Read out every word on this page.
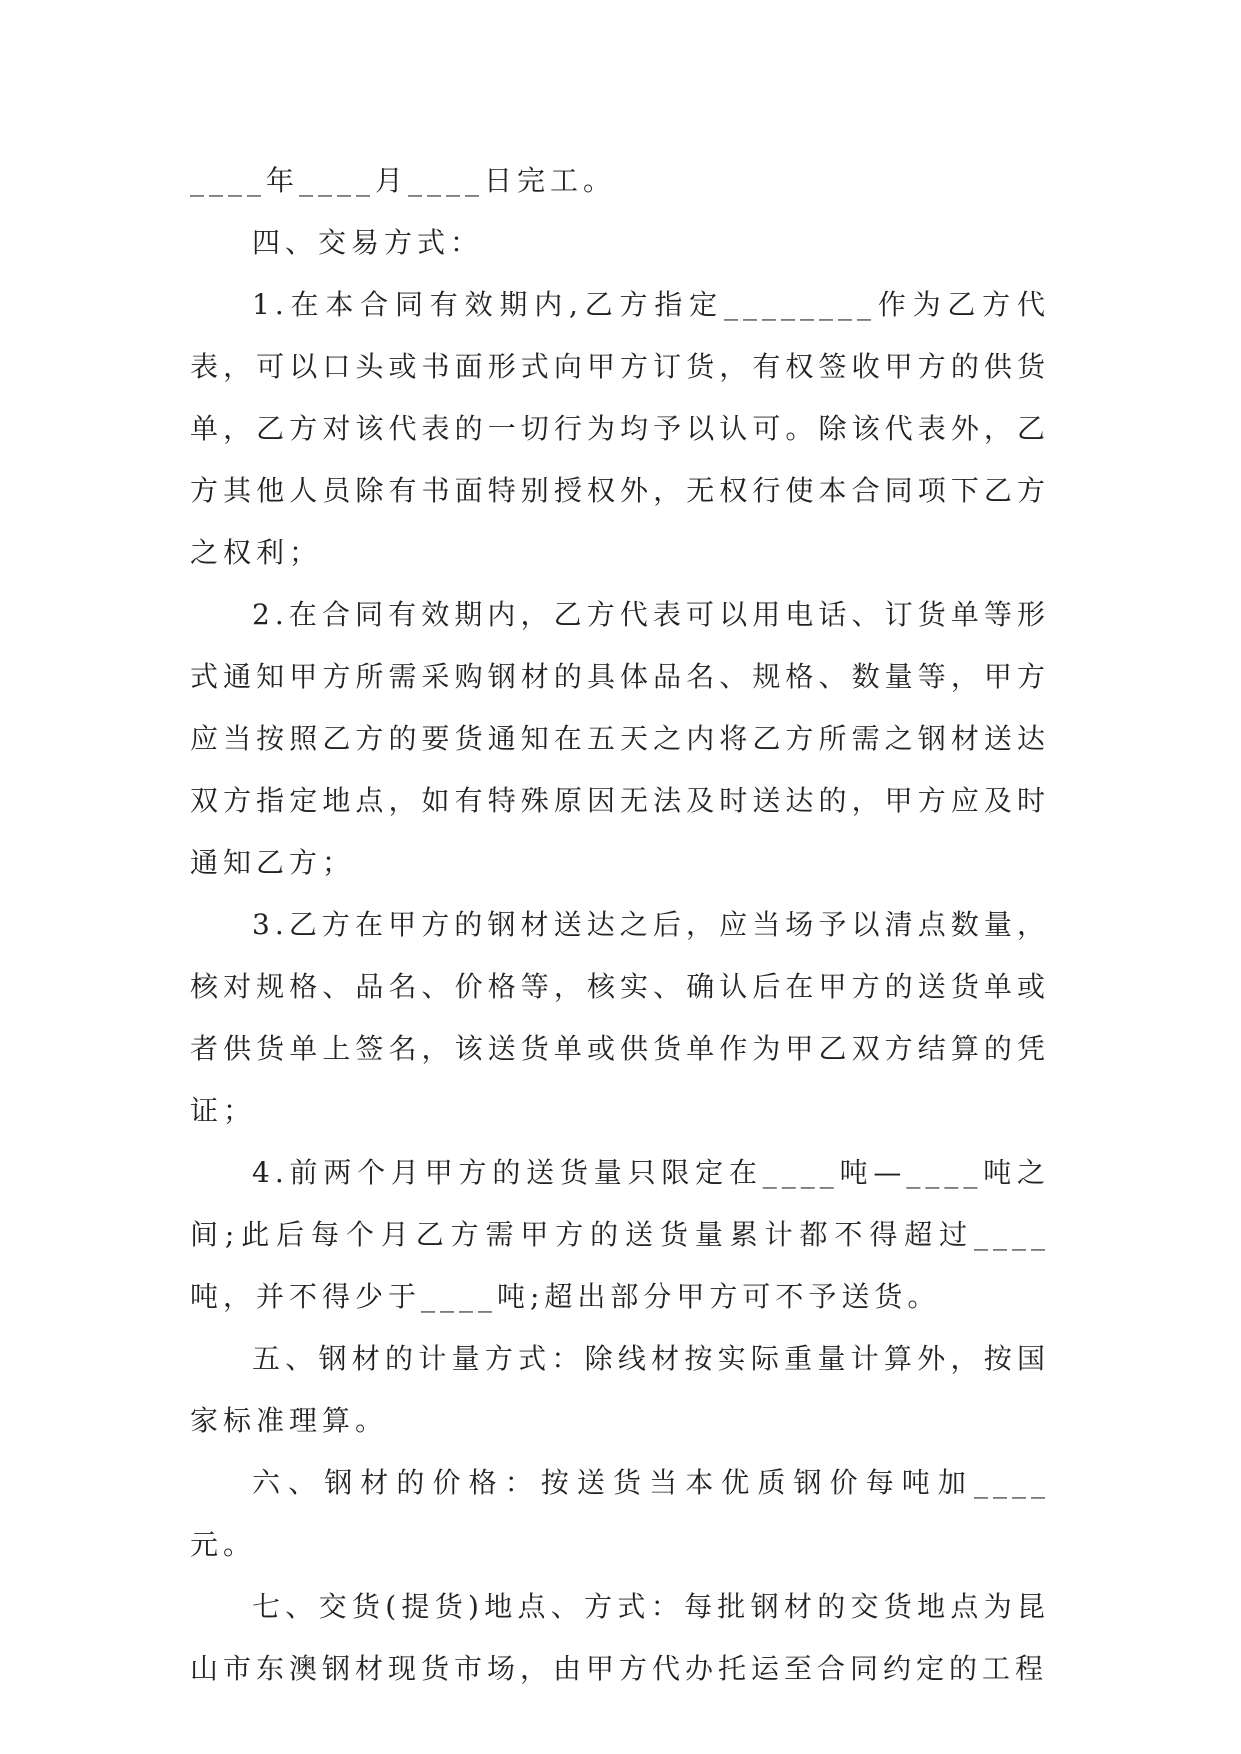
____年____月____日完工。

四、交易方式：

1.在本合同有效期内,乙方指定________作为乙方代表，可以口头或书面形式向甲方订货，有权签收甲方的供货单，乙方对该代表的一切行为均予以认可。除该代表外，乙方其他人员除有书面特别授权外，无权行使本合同项下乙方之权利；

2.在合同有效期内，乙方代表可以用电话、订货单等形式通知甲方所需采购钢材的具体品名、规格、数量等，甲方应当按照乙方的要货通知在五天之内将乙方所需之钢材送达双方指定地点，如有特殊原因无法及时送达的，甲方应及时通知乙方；

3.乙方在甲方的钢材送达之后，应当场予以清点数量，核对规格、品名、价格等，核实、确认后在甲方的送货单或者供货单上签名，该送货单或供货单作为甲乙双方结算的凭证；

4.前两个月甲方的送货量只限定在____吨—____吨之间;此后每个月乙方需甲方的送货量累计都不得超过____吨，并不得少于____吨;超出部分甲方可不予送货。

五、钢材的计量方式：除线材按实际重量计算外，按国家标准理算。

六、钢材的价格：按送货当本优质钢价每吨加____元。

七、交货(提货)地点、方式：每批钢材的交货地点为昆山市东澳钢材现货市场，由甲方代办托运至合同约定的工程
